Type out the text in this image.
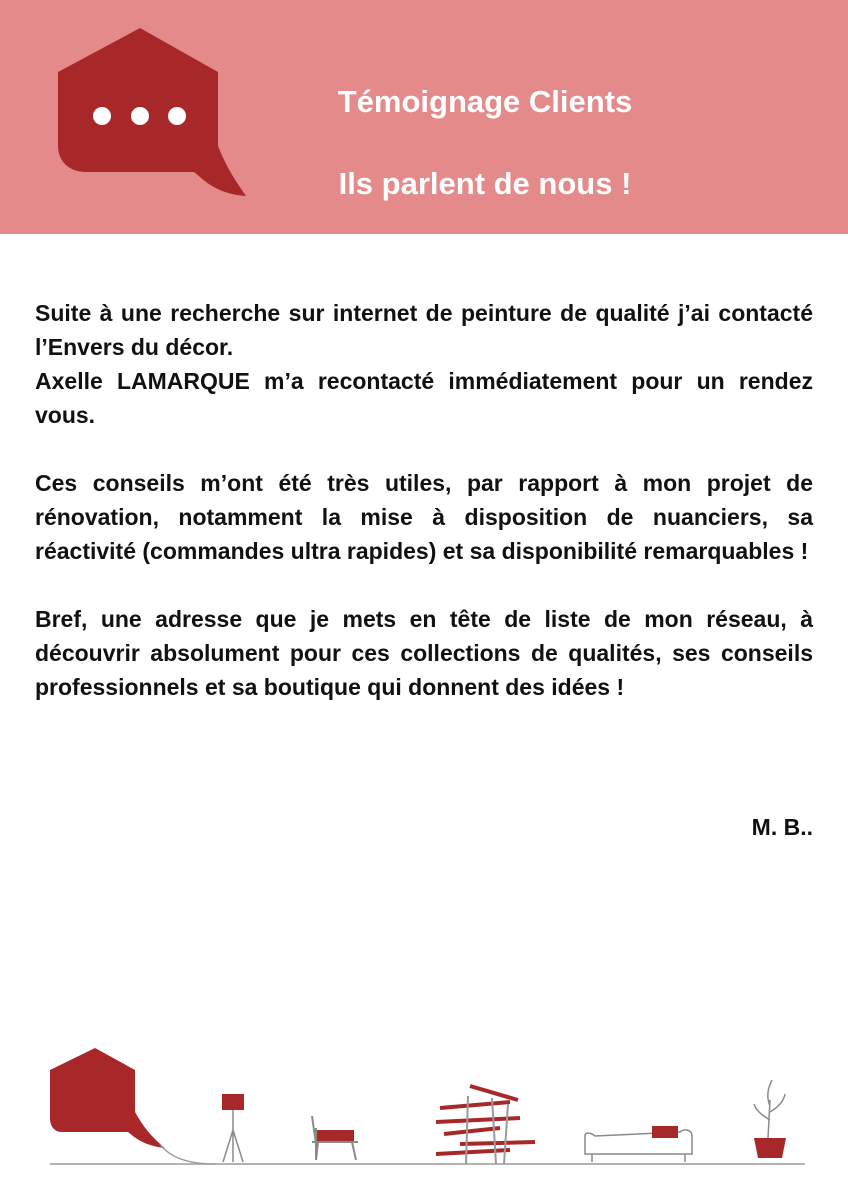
Témoignage Clients
Ils parlent de nous !

Suite à une recherche sur internet de peinture de qualité j’ai contacté l’Envers du décor.
Axelle LAMARQUE m’a recontacté immédiatement pour un rendez vous.

Ces conseils m’ont été très utiles, par rapport à mon projet de rénovation, notamment la mise à disposition de nuanciers, sa réactivité (commandes ultra rapides) et sa disponibilité remarquables !

Bref, une adresse que je mets en tête de liste de mon réseau, à découvrir absolument pour ces collections de qualités, ses conseils professionnels et sa boutique qui donnent des idées !

M. B..
